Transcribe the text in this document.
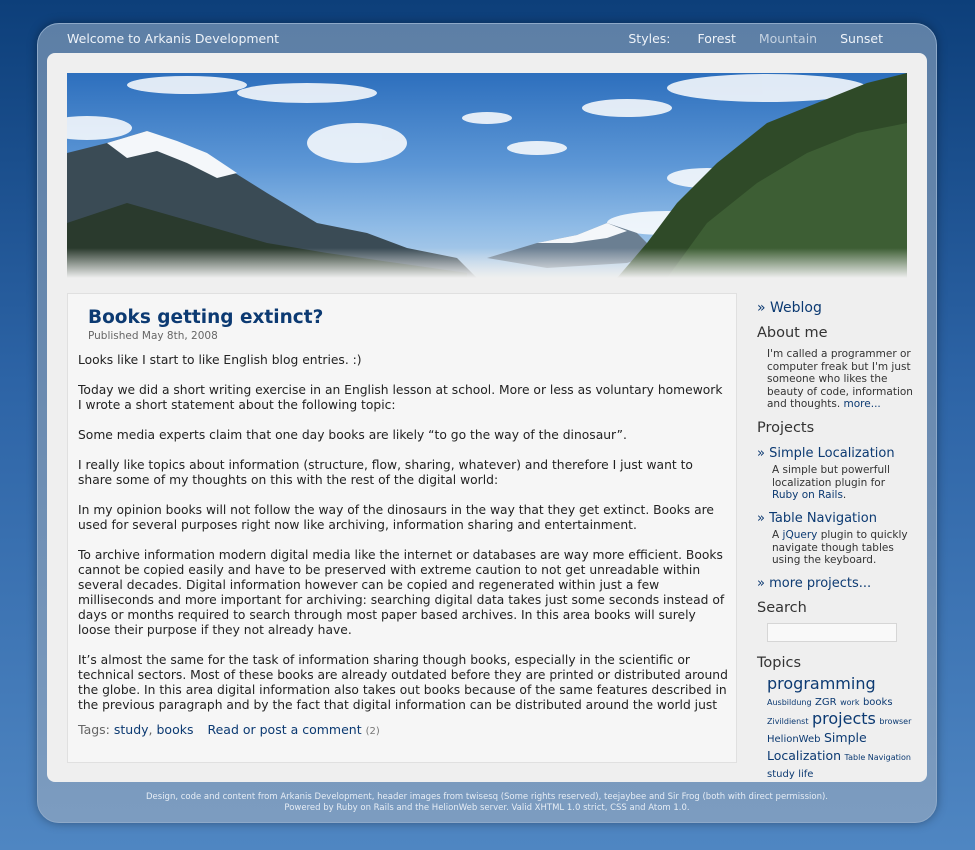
Welcome to Arkanis Development	Styles: Forest Mountain Sunset
Books getting extinct?
Published May 8th, 2008

Looks like I start to like English blog entries. :)

Today we did a short writing exercise in an English lesson at school. More or less as voluntary homework I wrote a short statement about the following topic:

Some media experts claim that one day books are likely “to go the way of the dinosaur”.

I really like topics about information (structure, flow, sharing, whatever) and therefore I just want to share some of my thoughts on this with the rest of the digital world:

In my opinion books will not follow the way of the dinosaurs in the way that they get extinct. Books are used for several purposes right now like archiving, information sharing and entertainment.

To archive information modern digital media like the internet or databases are way more efficient. Books cannot be copied easily and have to be preserved with extreme caution to not get unreadable within several decades. Digital information however can be copied and regenerated within just a few milliseconds and more important for archiving: searching digital data takes just some seconds instead of days or months required to search through most paper based archives. In this area books will surely loose their purpose if they not already have.

It’s almost the same for the task of information sharing though books, especially in the scientific or technical sectors. Most of these books are already outdated before they are printed or distributed around the globe. In this area digital information also takes out books because of the same features described in the previous paragraph and by the fact that digital information can be distributed around the world just

Tags: study, books Read or post a comment (2)
» Weblog
About me
I'm called a programmer or computer freak but I'm just someone who likes the beauty of code, information and thoughts. more...
Projects
» Simple Localization
A simple but powerfull localization plugin for Ruby on Rails.
» Table Navigation
A jQuery plugin to quickly navigate though tables using the keyboard.
» more projects...
Search
Topics
programming Ausbildung ZGR work books Zivildienst projects browser HelionWeb Simple Localization Table Navigation study life
Design, code and content from Arkanis Development, header images from twisesq (Some rights reserved), teejaybee and Sir Frog (both with direct permission).
Powered by Ruby on Rails and the HelionWeb server. Valid XHTML 1.0 strict, CSS and Atom 1.0.
